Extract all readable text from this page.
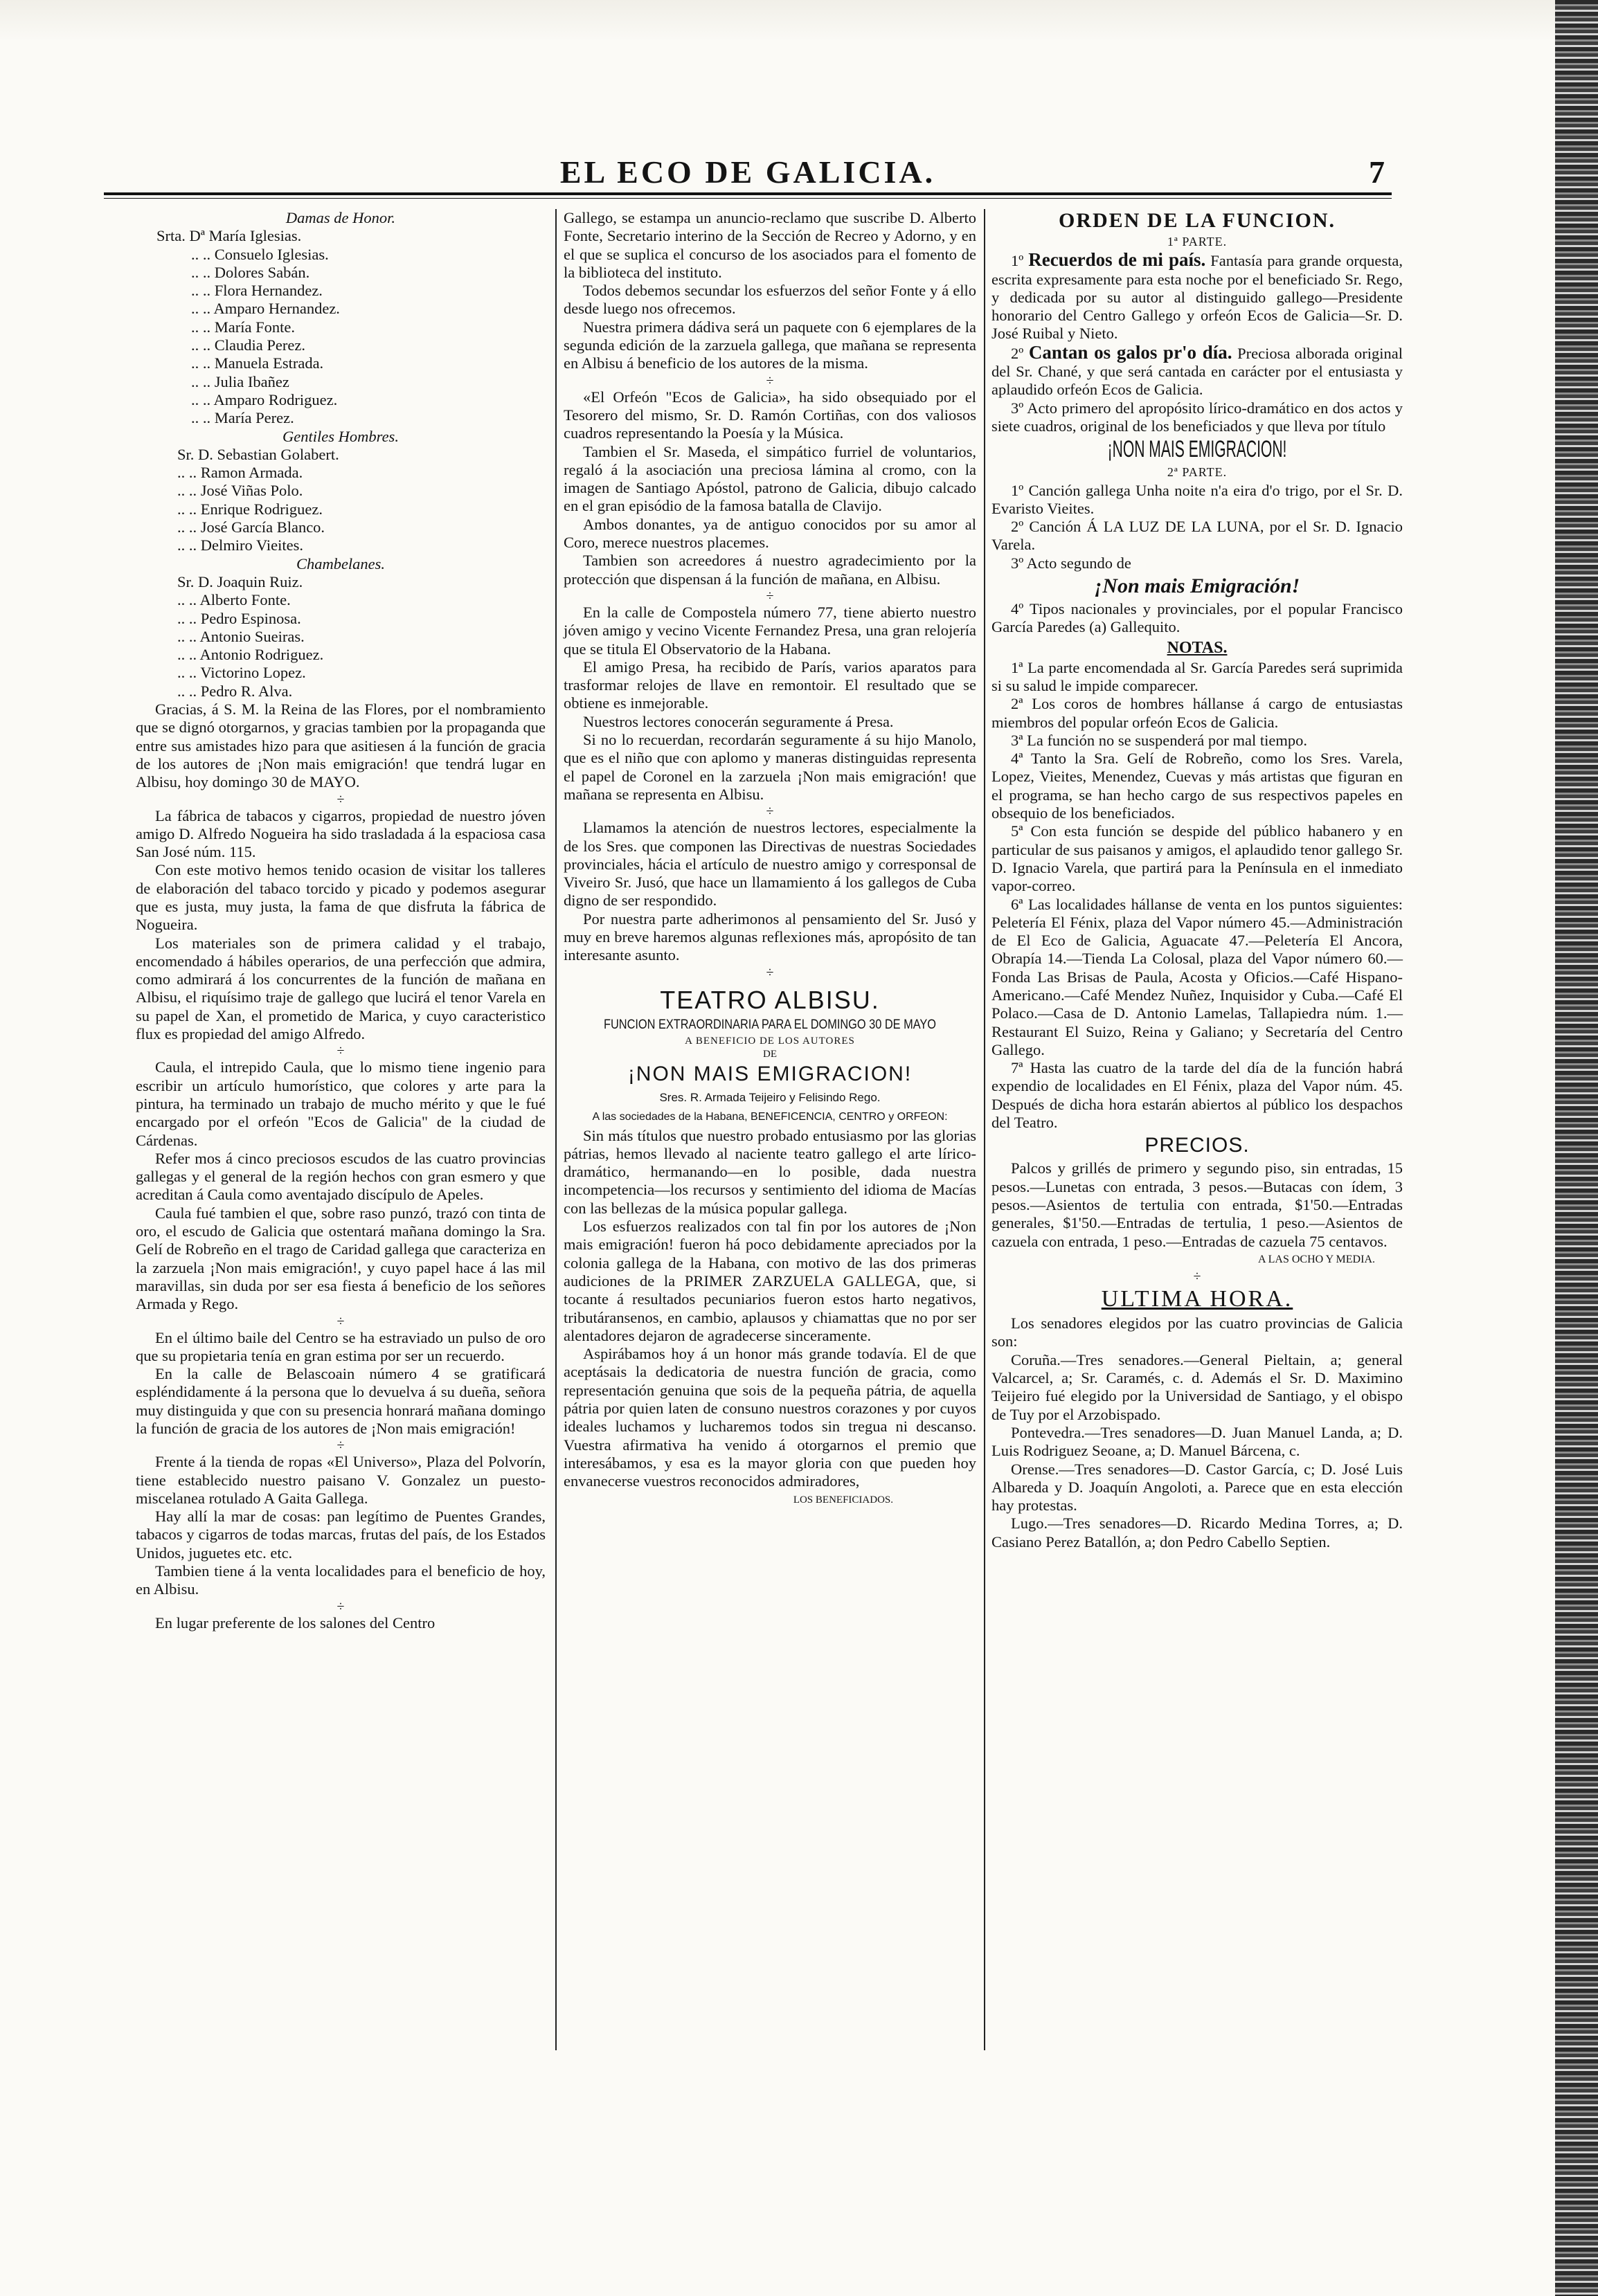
EL ECO DE GALICIA.	7
Damas de Honor.
Srta. Dª María Iglesias.
.. .. Consuelo Iglesias.
.. .. Dolores Sabán.
.. .. Flora Hernandez.
.. .. Amparo Hernandez.
.. .. María Fonte.
.. .. Claudia Perez.
.. .. Manuela Estrada.
.. .. Julia Ibañez
.. .. Amparo Rodriguez.
.. .. María Perez.
Gentiles Hombres.
Sr. D. Sebastian Golabert.
.. .. Ramon Armada.
.. .. José Viñas Polo.
.. .. Enrique Rodriguez.
.. .. José García Blanco.
.. .. Delmiro Vieites.
Chambelanes.
Sr. D. Joaquin Ruiz.
.. .. Alberto Fonte.
.. .. Pedro Espinosa.
.. .. Antonio Sueiras.
.. .. Antonio Rodriguez.
.. .. Victorino Lopez.
.. .. Pedro R. Alva.

Gracias, á S. M. la Reina de las Flores, por el nombramiento que se dignó otorgarnos, y gracias tambien por la propaganda que entre sus amistades hizo para que asitiesen á la función de gracia de los autores de ¡Non mais emigración! que tendrá lugar en Albisu, hoy domingo 30 de MAYO.

÷

La fábrica de tabacos y cigarros, propiedad de nuestro jóven amigo D. Alfredo Nogueira ha sido trasladada á la espaciosa casa San José núm. 115.

Con este motivo hemos tenido ocasion de visitar los talleres de elaboración del tabaco torcido y picado y podemos asegurar que es justa, muy justa, la fama de que disfruta la fábrica de Nogueira.

Los materiales son de primera calidad y el trabajo, encomendado á hábiles operarios, de una perfección que admira, como admirará á los concurrentes de la función de mañana en Albisu, el riquísimo traje de gallego que lucirá el tenor Varela en su papel de Xan, el prometido de Marica, y cuyo caracteristico flux es propiedad del amigo Alfredo.

÷

Caula, el intrepido Caula, que lo mismo tiene ingenio para escribir un artículo humorístico, que colores y arte para la pintura, ha terminado un trabajo de mucho mérito y que le fué encargado por el orfeón "Ecos de Galicia" de la ciudad de Cárdenas.

Refer mos á cinco preciosos escudos de las cuatro provincias gallegas y el general de la región hechos con gran esmero y que acreditan á Caula como aventajado discípulo de Apeles.

Caula fué tambien el que, sobre raso punzó, trazó con tinta de oro, el escudo de Galicia que ostentará mañana domingo la Sra. Gelí de Robreño en el trago de Caridad gallega que caracteriza en la zarzuela ¡Non mais emigración!, y cuyo papel hace á las mil maravillas, sin duda por ser esa fiesta á beneficio de los señores Armada y Rego.

÷

En el último baile del Centro se ha estraviado un pulso de oro que su propietaria tenía en gran estima por ser un recuerdo.

En la calle de Belascoain número 4 se gratificará espléndidamente á la persona que lo devuelva á su dueña, señora muy distinguida y que con su presencia honrará mañana domingo la función de gracia de los autores de ¡Non mais emigración!

÷

Frente á la tienda de ropas «El Universo», Plaza del Polvorín, tiene establecido nuestro paisano V. Gonzalez un puesto-miscelanea rotulado A Gaita Gallega.

Hay allí la mar de cosas: pan legítimo de Puentes Grandes, tabacos y cigarros de todas marcas, frutas del país, de los Estados Unidos, juguetes etc. etc.

Tambien tiene á la venta localidades para el beneficio de hoy, en Albisu.

÷

En lugar preferente de los salones del Centro

Gallego, se estampa un anuncio-reclamo que suscribe D. Alberto Fonte, Secretario interino de la Sección de Recreo y Adorno, y en el que se suplica el concurso de los asociados para el fomento de la biblioteca del instituto.

Todos debemos secundar los esfuerzos del señor Fonte y á ello desde luego nos ofrecemos.

Nuestra primera dádiva será un paquete con 6 ejemplares de la segunda edición de la zarzuela gallega, que mañana se representa en Albisu á beneficio de los autores de la misma.

÷

«El Orfeón "Ecos de Galicia», ha sido obsequiado por el Tesorero del mismo, Sr. D. Ramón Cortiñas, con dos valiosos cuadros representando la Poesía y la Música.

Tambien el Sr. Maseda, el simpático furriel de voluntarios, regaló á la asociación una preciosa lámina al cromo, con la imagen de Santiago Apóstol, patrono de Galicia, dibujo calcado en el gran episódio de la famosa batalla de Clavijo.

Ambos donantes, ya de antiguo conocidos por su amor al Coro, merece nuestros placemes.

Tambien son acreedores á nuestro agradecimiento por la protección que dispensan á la función de mañana, en Albisu.

÷

En la calle de Compostela número 77, tiene abierto nuestro jóven amigo y vecino Vicente Fernandez Presa, una gran relojería que se titula El Observatorio de la Habana.

El amigo Presa, ha recibido de París, varios aparatos para trasformar relojes de llave en remontoir. El resultado que se obtiene es inmejorable.

Nuestros lectores conocerán seguramente á Presa.

Si no lo recuerdan, recordarán seguramente á su hijo Manolo, que es el niño que con aplomo y maneras distinguidas representa el papel de Coronel en la zarzuela ¡Non mais emigración! que mañana se representa en Albisu.

÷

Llamamos la atención de nuestros lectores, especialmente la de los Sres. que componen las Directivas de nuestras Sociedades provinciales, hácia el artículo de nuestro amigo y corresponsal de Viveiro Sr. Jusó, que hace un llamamiento á los gallegos de Cuba digno de ser respondido.

Por nuestra parte adherimonos al pensamiento del Sr. Jusó y muy en breve haremos algunas reflexiones más, apropósito de tan interesante asunto.

÷
TEATRO ALBISU.
FUNCION EXTRAORDINARIA PARA EL DOMINGO 30 DE MAYO
A BENEFICIO DE LOS AUTORES
DE
¡NON MAIS EMIGRACION!
Sres. R. Armada Teijeiro y Felisindo Rego.
A las sociedades de la Habana, BENEFICENCIA, CENTRO y ORFEON:

Sin más títulos que nuestro probado entusiasmo por las glorias pátrias, hemos llevado al naciente teatro gallego el arte lírico-dramático, hermanando—en lo posible, dada nuestra incompetencia—los recursos y sentimiento del idioma de Macías con las bellezas de la música popular gallega.

Los esfuerzos realizados con tal fin por los autores de ¡Non mais emigración! fueron há poco debidamente apreciados por la colonia gallega de la Habana, con motivo de las dos primeras audiciones de la PRIMER ZARZUELA GALLEGA, que, si tocante á resultados pecuniarios fueron estos harto negativos, tributáransenos, en cambio, aplausos y chiamattas que no por ser alentadores dejaron de agradecerse sinceramente.

Aspirábamos hoy á un honor más grande todavía. El de que aceptásais la dedicatoria de nuestra función de gracia, como representación genuina que sois de la pequeña pátria, de aquella pátria por quien laten de consuno nuestros corazones y por cuyos ideales luchamos y lucharemos todos sin tregua ni descanso. Vuestra afirmativa ha venido á otorgarnos el premio que interesábamos, y esa es la mayor gloria con que pueden hoy envanecerse vuestros reconocidos admiradores,

LOS BENEFICIADOS.
ORDEN DE LA FUNCION.
1ª PARTE.

1º Recuerdos de mi país. Fantasía para grande orquesta, escrita expresamente para esta noche por el beneficiado Sr. Rego, y dedicada por su autor al distinguido gallego—Presidente honorario del Centro Gallego y orfeón Ecos de Galicia—Sr. D. José Ruibal y Nieto.

2º Cantan os galos pr'o día. Preciosa alborada original del Sr. Chané, y que será cantada en carácter por el entusiasta y aplaudido orfeón Ecos de Galicia.

3º Acto primero del apropósito lírico-dramático en dos actos y siete cuadros, original de los beneficiados y que lleva por título

¡NON MAIS EMIGRACION!
2ª PARTE.

1º Canción gallega Unha noite n'a eira d'o trigo, por el Sr. D. Evaristo Vieites.

2º Canción Á LA LUZ DE LA LUNA, por el Sr. D. Ignacio Varela.

3º Acto segundo de

¡Non mais Emigración!

4º Tipos nacionales y provinciales, por el popular Francisco García Paredes (a) Gallequito.

NOTAS.

1ª La parte encomendada al Sr. García Paredes será suprimida si su salud le impide comparecer.

2ª Los coros de hombres hállanse á cargo de entusiastas miembros del popular orfeón Ecos de Galicia.

3ª La función no se suspenderá por mal tiempo.

4ª Tanto la Sra. Gelí de Robreño, como los Sres. Varela, Lopez, Vieites, Menendez, Cuevas y más artistas que figuran en el programa, se han hecho cargo de sus respectivos papeles en obsequio de los beneficiados.

5ª Con esta función se despide del público habanero y en particular de sus paisanos y amigos, el aplaudido tenor gallego Sr. D. Ignacio Varela, que partirá para la Península en el inmediato vapor-correo.

6ª Las localidades hállanse de venta en los puntos siguientes: Peletería El Fénix, plaza del Vapor número 45.—Administración de El Eco de Galicia, Aguacate 47.—Peletería El Ancora, Obrapía 14.—Tienda La Colosal, plaza del Vapor número 60.—Fonda Las Brisas de Paula, Acosta y Oficios.—Café Hispano-Americano.—Café Mendez Nuñez, Inquisidor y Cuba.—Café El Polaco.—Casa de D. Antonio Lamelas, Tallapiedra núm. 1.—Restaurant El Suizo, Reina y Galiano; y Secretaría del Centro Gallego.

7ª Hasta las cuatro de la tarde del día de la función habrá expendio de localidades en El Fénix, plaza del Vapor núm. 45. Después de dicha hora estarán abiertos al público los despachos del Teatro.

PRECIOS.

Palcos y grillés de primero y segundo piso, sin entradas, 15 pesos.—Lunetas con entrada, 3 pesos.—Butacas con ídem, 3 pesos.—Asientos de tertulia con entrada, $1'50.—Entradas generales, $1'50.—Entradas de tertulia, 1 peso.—Asientos de cazuela con entrada, 1 peso.—Entradas de cazuela 75 centavos.

A LAS OCHO Y MEDIA.
÷
ULTIMA HORA.

Los senadores elegidos por las cuatro provincias de Galicia son:

Coruña.—Tres senadores.—General Pieltain, a; general Valcarcel, a; Sr. Caramés, c. d. Además el Sr. D. Maximino Teijeiro fué elegido por la Universidad de Santiago, y el obispo de Tuy por el Arzobispado.

Pontevedra.—Tres senadores—D. Juan Manuel Landa, a; D. Luis Rodriguez Seoane, a; D. Manuel Bárcena, c.

Orense.—Tres senadores—D. Castor García, c; D. José Luis Albareda y D. Joaquín Angoloti, a. Parece que en esta elección hay protestas.

Lugo.—Tres senadores—D. Ricardo Medina Torres, a; D. Casiano Perez Batallón, a; don Pedro Cabello Septien.
